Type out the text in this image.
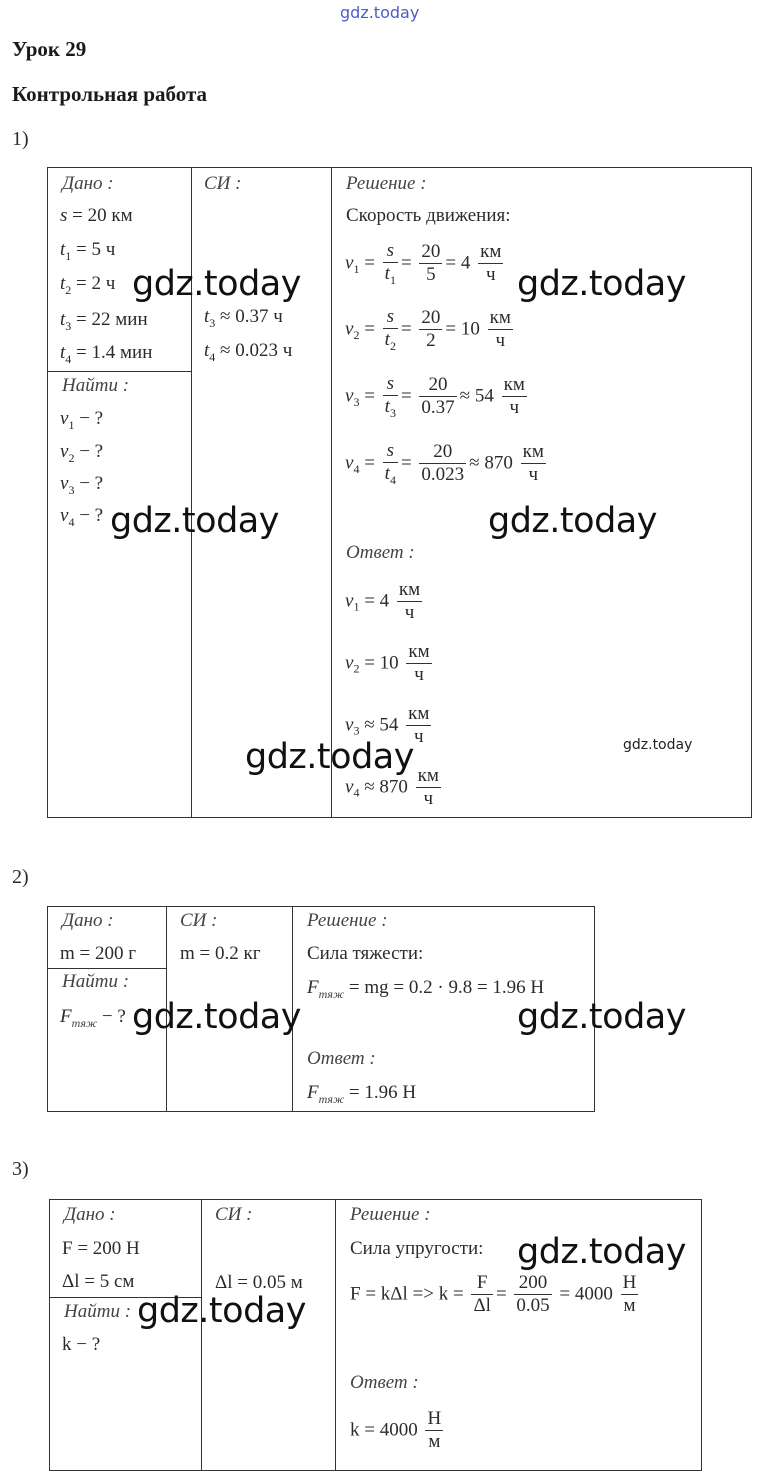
gdz.today
Урок 29
Контрольная работа
1)
Дано :
s = 20 км
$t_1 = 5$ ч
$t_2 = 2$ ч
$t_3 = 22$ мин
$t_4 = 1.4$ мин
Найти :
$v_1$ − ?
$v_2$ − ?
$v_3$ − ?
$v_4$ − ?
СИ :
$t_3 \approx 0.37$ ч
$t_4 \approx 0.023$ ч
Решение :
Скорость движения:
$v_1 = \frac{s}{t_1} = \frac{20}{5} = 4 \frac{км}{ч}$
$v_2 = \frac{s}{t_2} = \frac{20}{2} = 10 \frac{км}{ч}$
$v_3 = \frac{s}{t_3} = \frac{20}{0.37} \approx 54 \frac{км}{ч}$
$v_4 = \frac{s}{t_4} = \frac{20}{0.023} \approx 870 \frac{км}{ч}$
Ответ :
$v_1 = 4 \frac{км}{ч}$
$v_2 = 10 \frac{км}{ч}$
$v_3 \approx 54 \frac{км}{ч}$
$v_4 \approx 870 \frac{км}{ч}$
2)
Дано :
m = 200 г
Найти :
$F_{тяж}$ − ?
СИ :
m = 0.2 кг
Решение :
Сила тяжести:
$F_{тяж}$ = mg = 0.2 · 9.8 = 1.96 Н
Ответ :
$F_{тяж} = 1.96$ Н
3)
Дано :
F = 200 Н
Δl = 5 см
Найти :
k − ?
СИ :
Δl = 0.05 м
Решение :
Сила упругости:
$F = k\Delta l => k = \frac{F}{\Delta l} = \frac{200}{0.05} = 4000 \frac{Н}{м}$
Ответ :
$k = 4000 \frac{Н}{м}$
gdz.today	gdz.today
gdz.today	gdz.today
gdz.today	gdz.today
gdz.today	gdz.today
gdz.today
gdz.today
